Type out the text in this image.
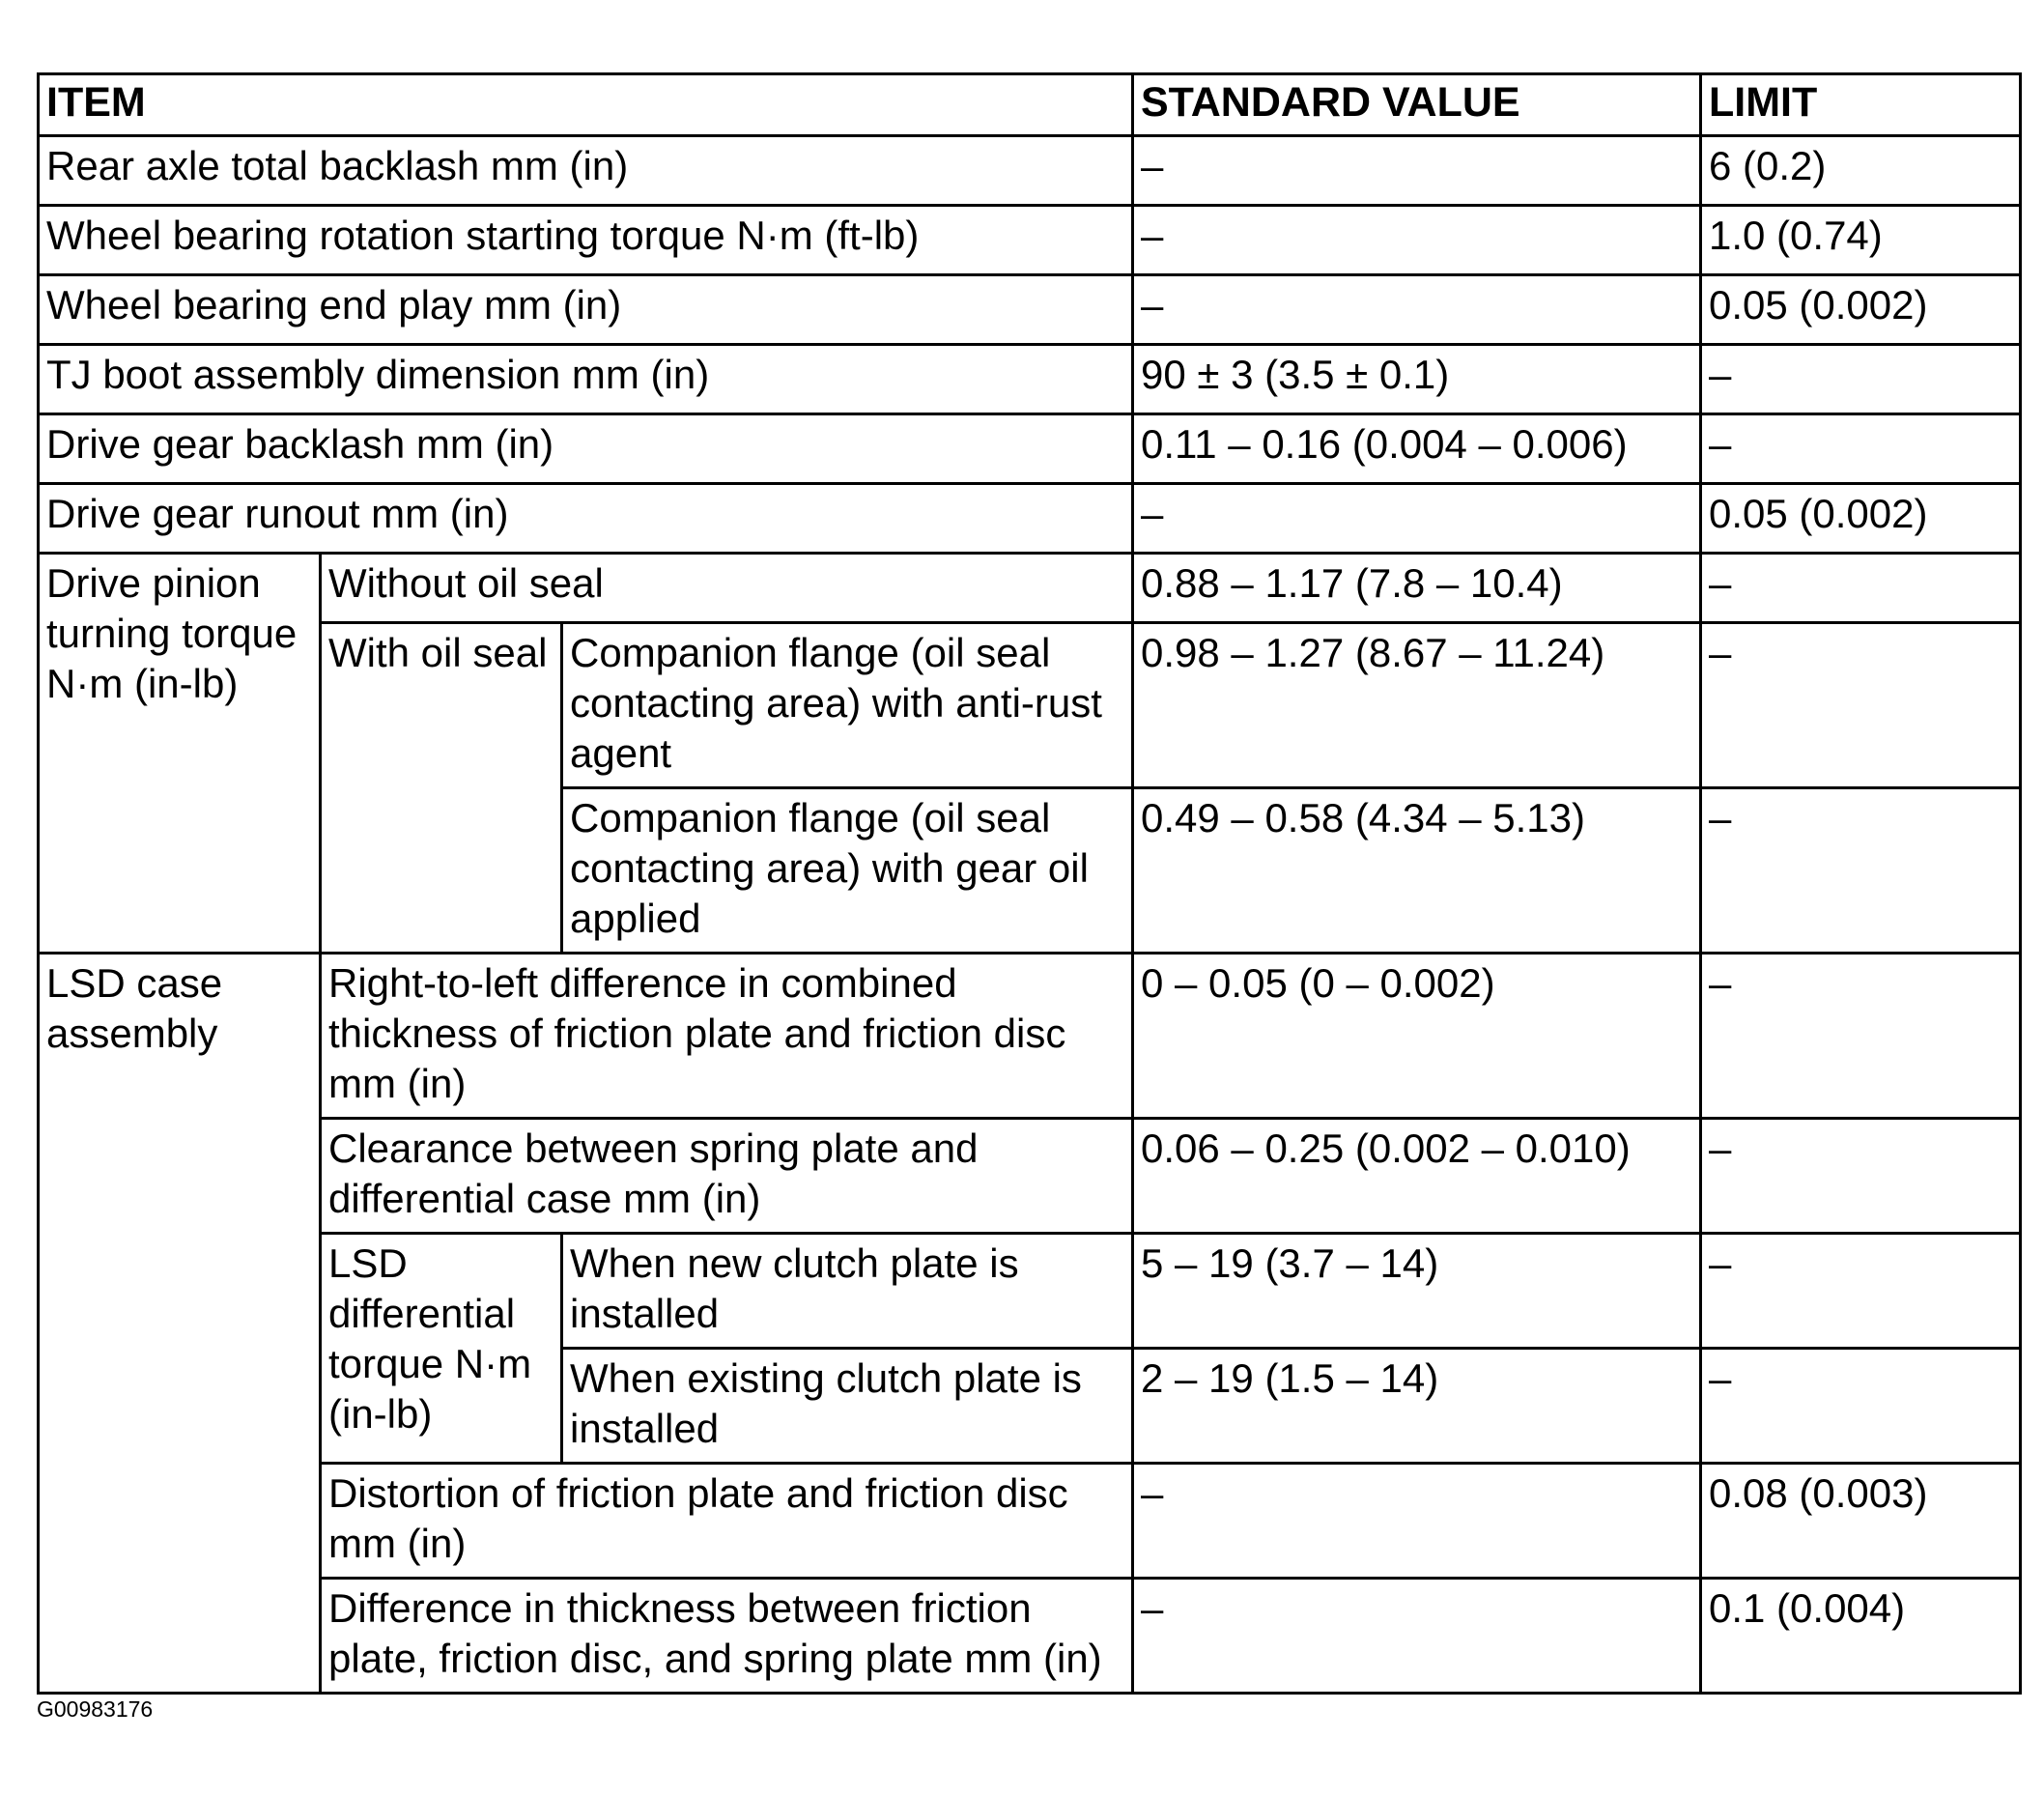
ITEM			STANDARD VALUE	LIMIT
Rear axle total backlash mm (in)			–	6 (0.2)
Wheel bearing rotation starting torque N·m (ft-lb)			–	1.0 (0.74)
Wheel bearing end play mm (in)			–	0.05 (0.002)
TJ boot assembly dimension mm (in)			90 ± 3 (3.5 ± 0.1)	–
Drive gear backlash mm (in)			0.11 – 0.16 (0.004 – 0.006)	–
Drive gear runout mm (in)			–	0.05 (0.002)
Drive pinion turning torque N·m (in-lb)	Without oil seal		0.88 – 1.17 (7.8 – 10.4)	–
	With oil seal	Companion flange (oil seal contacting area) with anti-rust agent	0.98 – 1.27 (8.67 – 11.24)	–
		Companion flange (oil seal contacting area) with gear oil applied	0.49 – 0.58 (4.34 – 5.13)	–
LSD case assembly	Right-to-left difference in combined thickness of friction plate and friction disc mm (in)		0 – 0.05 (0 – 0.002)	–
	Clearance between spring plate and differential case mm (in)		0.06 – 0.25 (0.002 – 0.010)	–
	LSD differential torque N·m (in-lb)	When new clutch plate is installed	5 – 19 (3.7 – 14)	–
		When existing clutch plate is installed	2 – 19 (1.5 – 14)	–
	Distortion of friction plate and friction disc mm (in)		–	0.08 (0.003)
	Difference in thickness between friction plate, friction disc, and spring plate mm (in)		–	0.1 (0.004)
G00983176
